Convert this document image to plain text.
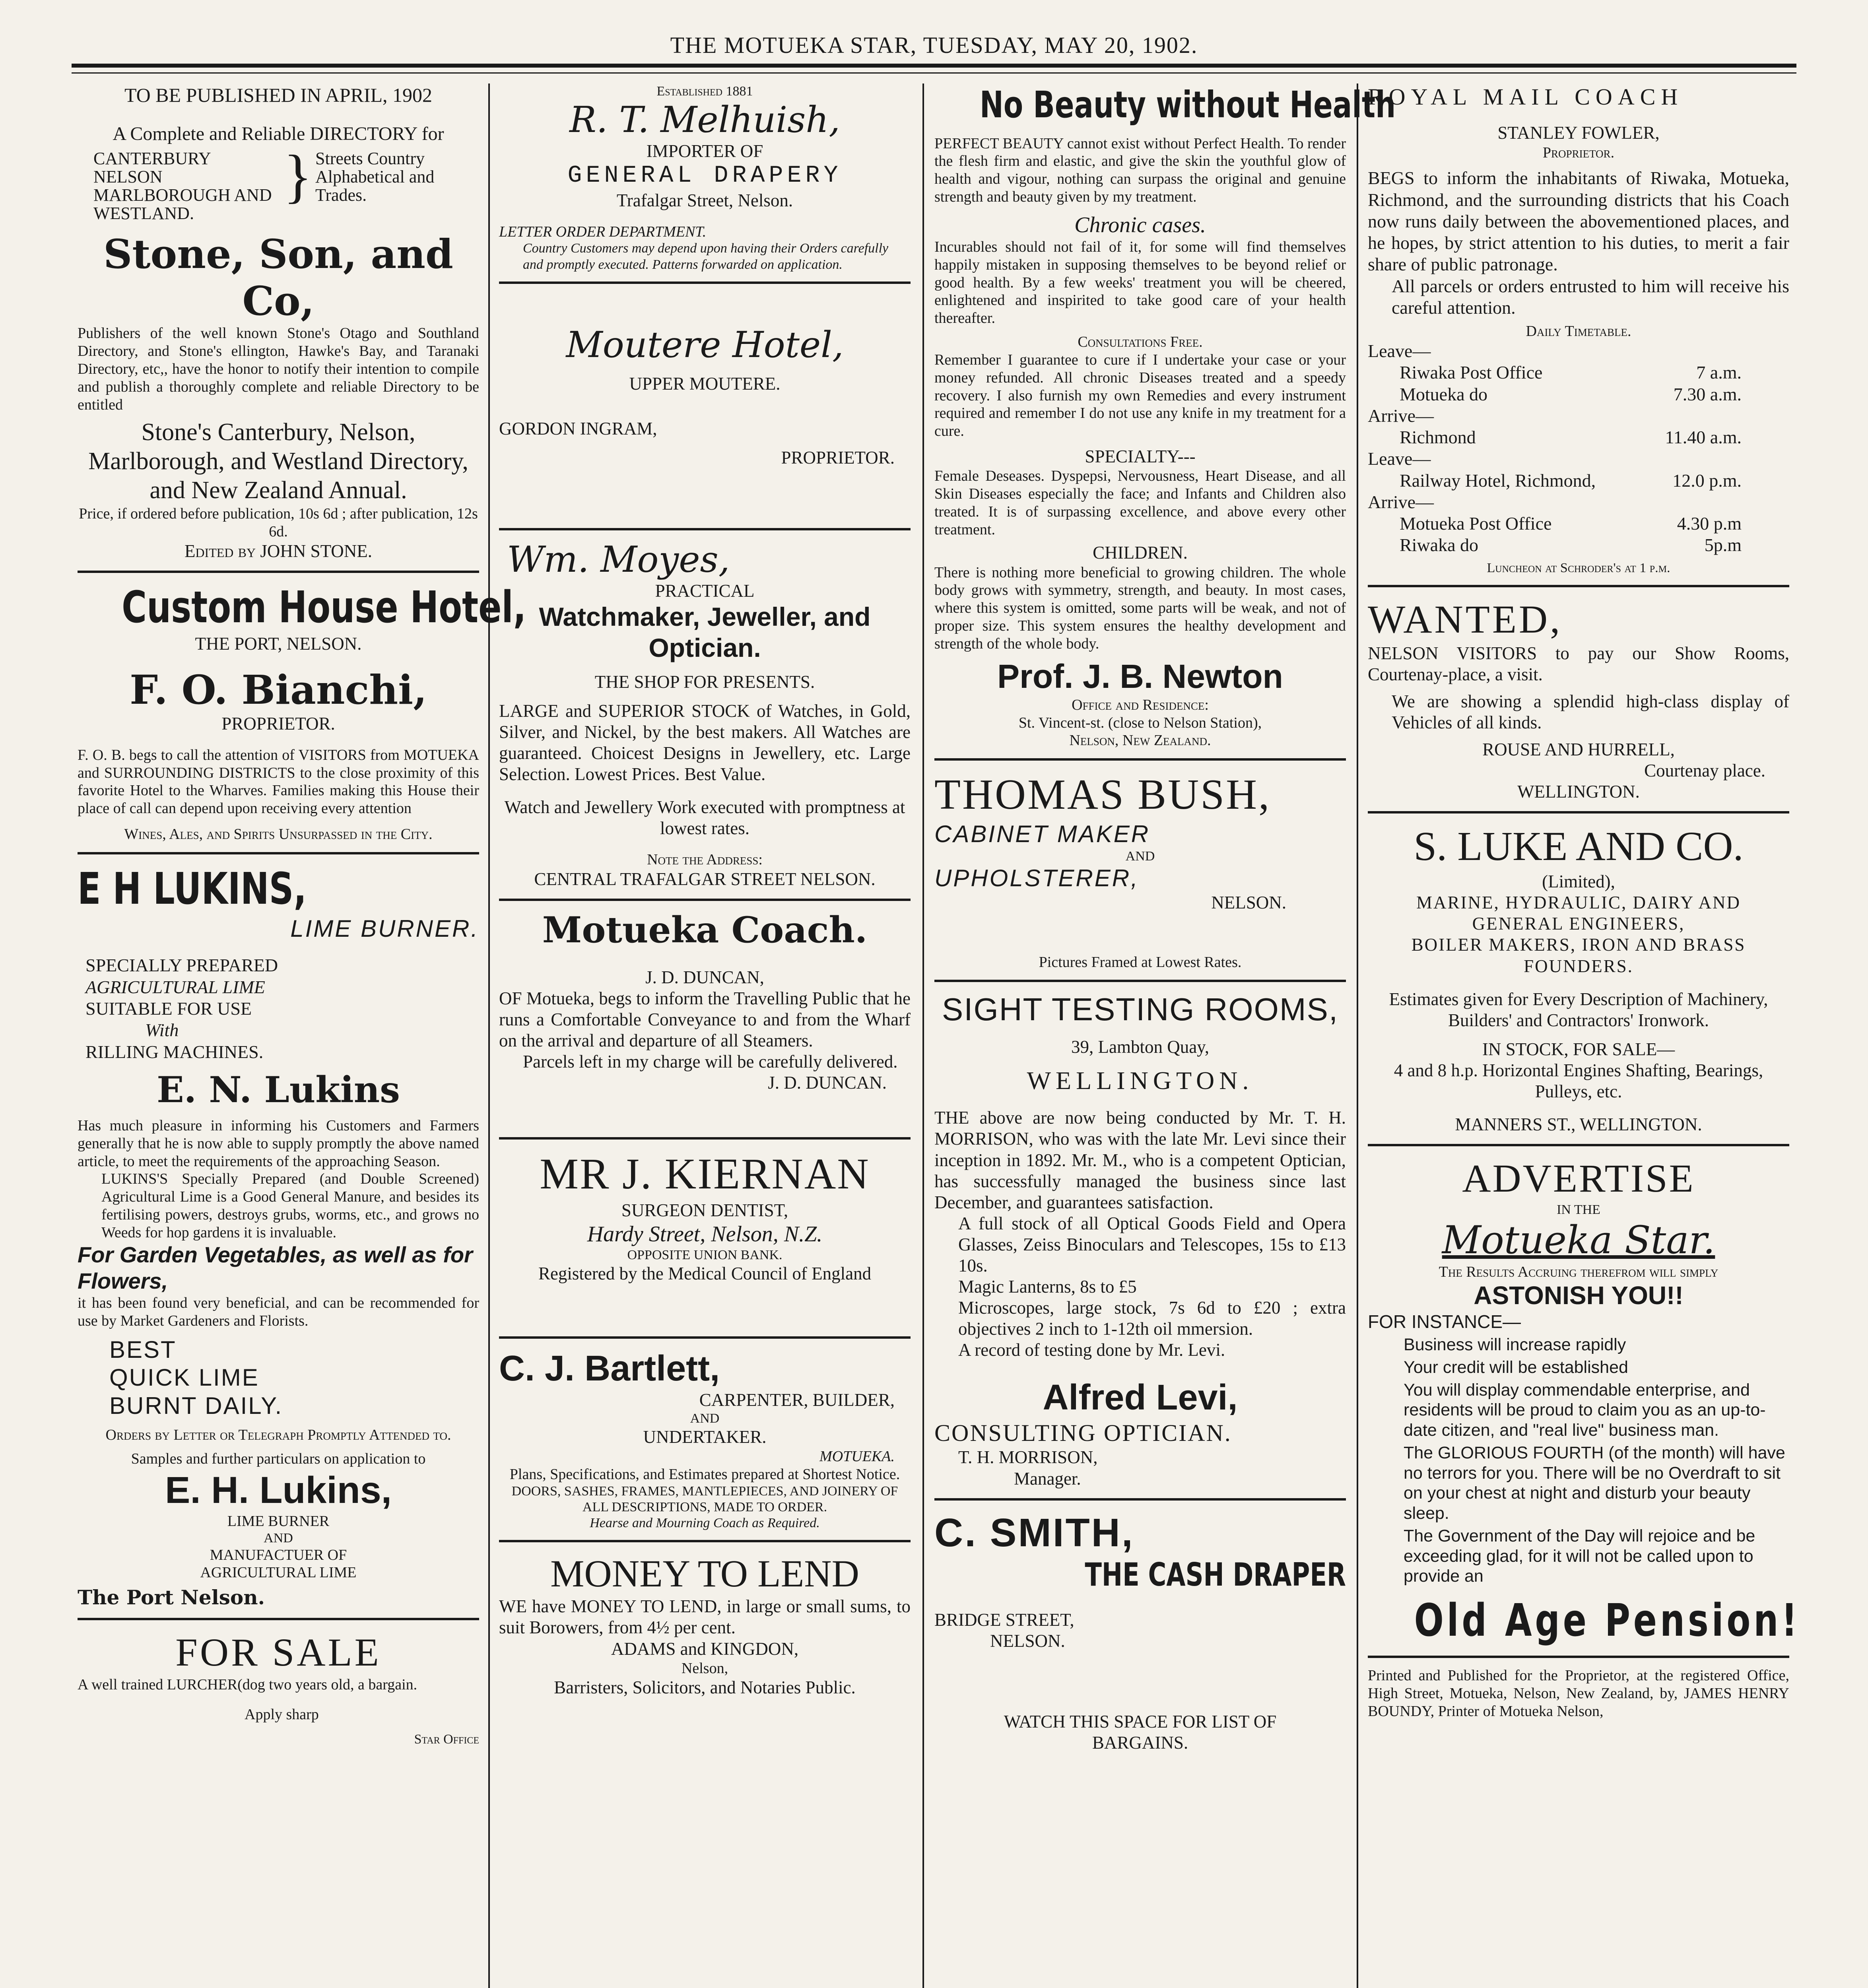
THE MOTUEKA STAR, TUESDAY, MAY 20, 1902.
TO BE PUBLISHED IN APRIL, 1902
A Complete and Reliable DIRECTORY for
CANTERBURY NELSON MARLBOROUGH AND WESTLAND.
} Streets Country Alphabetical and Trades.
Stone, Son, and Co,
Publishers of the well known Stone's Otago and Southland Directory, and Stone's ellington, Hawke's Bay, and Taranaki Directory, etc,, have the honor to notify their intention to compile and publish a thoroughly complete and reliable Directory to be entitled
Stone's Canterbury, Nelson, Marlborough, and Westland Directory, and New Zealand Annual.
Price, if ordered before publication, 10s 6d ; after publication, 12s 6d.
Edited by JOHN STONE.
Custom House Hotel,
THE PORT, NELSON.
F. O. Bianchi,
PROPRIETOR.
F. O. B. begs to call the attention of VISITORS from MOTUEKA and SURROUNDING DISTRICTS to the close proximity of this favorite Hotel to the Wharves. Families making this House their place of call can depend upon receiving every attention
Wines, Ales, and Spirits Unsurpassed in the City.
E H LUKINS,
LIME BURNER.
SPECIALLY PREPARED
AGRICULTURAL LIME
SUITABLE FOR USE
With
RILLING MACHINES.
E. N. Lukins
Has much pleasure in informing his Customers and Farmers generally that he is now able to supply promptly the above named article, to meet the requirements of the approaching Season.
LUKINS'S Specially Prepared (and Double Screened) Agricultural Lime is a Good General Manure, and besides its fertilising powers, destroys grubs, worms, etc., and grows no Weeds for hop gardens it is invaluable.
For Garden Vegetables, as well as for Flowers,
it has been found very beneficial, and can be recommended for use by Market Gardeners and Florists.
BEST
QUICK LIME
BURNT DAILY.
Orders by Letter or Telegraph Promptly Attended to.
Samples and further particulars on application to
E. H. Lukins,
LIME BURNER
AND
MANUFACTUER OF
AGRICULTURAL LIME
The Port Nelson.
FOR SALE
A well trained LURCHER(dog two years old, a bargain.
Apply sharp
Star Office
Established 1881
R. T. Melhuish,
IMPORTER OF
GENERAL DRAPERY
Trafalgar Street, Nelson.
LETTER ORDER DEPARTMENT.
Country Customers may depend upon having their Orders carefully and promptly executed. Patterns forwarded on application.
Moutere Hotel,
UPPER MOUTERE.
GORDON INGRAM,
PROPRIETOR.
Wm. Moyes,
PRACTICAL
Watchmaker, Jeweller, and Optician.
THE SHOP FOR PRESENTS.
LARGE and SUPERIOR STOCK of Watches, in Gold, Silver, and Nickel, by the best makers. All Watches are guaranteed. Choicest Designs in Jewellery, etc. Large Selection. Lowest Prices. Best Value.
Watch and Jewellery Work executed with promptness at lowest rates.
Note the Address:
CENTRAL TRAFALGAR STREET NELSON.
Motueka Coach.
J. D. DUNCAN,
OF Motueka, begs to inform the Travelling Public that he runs a Comfortable Conveyance to and from the Wharf on the arrival and departure of all Steamers.
Parcels left in my charge will be carefully delivered.
J. D. DUNCAN.
MR J. KIERNAN
SURGEON DENTIST,
Hardy Street, Nelson, N.Z.
OPPOSITE UNION BANK.
Registered by the Medical Council of England
C. J. Bartlett,
CARPENTER, BUILDER,
AND
UNDERTAKER.
MOTUEKA.
Plans, Specifications, and Estimates prepared at Shortest Notice.
DOORS, SASHES, FRAMES, MANTLEPIECES, AND JOINERY OF ALL DESCRIPTIONS, MADE TO ORDER.
Hearse and Mourning Coach as Required.
MONEY TO LEND
WE have MONEY TO LEND, in large or small sums, to suit Borowers, from 4½ per cent.
ADAMS and KINGDON,
Nelson,
Barristers, Solicitors, and Notaries Public.
No Beauty without Health
PERFECT BEAUTY cannot exist without Perfect Health. To render the flesh firm and elastic, and give the skin the youthful glow of health and vigour, nothing can surpass the original and genuine strength and beauty given by my treatment.
Chronic cases.
Incurables should not fail of it, for some will find themselves happily mistaken in supposing themselves to be beyond relief or good health. By a few weeks' treatment you will be cheered, enlightened and inspirited to take good care of your health thereafter.
Consultations Free.
Remember I guarantee to cure if I undertake your case or your money refunded. All chronic Diseases treated and a speedy recovery. I also furnish my own Remedies and every instrument required and remember I do not use any knife in my treatment for a cure.
SPECIALTY---
Female Deseases. Dyspepsi, Nervousness, Heart Disease, and all Skin Diseases especially the face; and Infants and Children also treated. It is of surpassing excellence, and above every other treatment.
CHILDREN.
There is nothing more beneficial to growing children. The whole body grows with symmetry, strength, and beauty. In most cases, where this system is omitted, some parts will be weak, and not of proper size. This system ensures the healthy development and strength of the whole body.
Prof. J. B. Newton
Office and Residence:
St. Vincent-st. (close to Nelson Station),
Nelson, New Zealand.
THOMAS BUSH,
CABINET MAKER
AND
UPHOLSTERER,
NELSON.
Pictures Framed at Lowest Rates.
SIGHT TESTING ROOMS,
39, Lambton Quay,
WELLINGTON.
THE above are now being conducted by Mr. T. H. MORRISON, who was with the late Mr. Levi since their inception in 1892. Mr. M., who is a competent Optician, has successfully managed the business since last December, and guarantees satisfaction.
A full stock of all Optical Goods Field and Opera Glasses, Zeiss Binoculars and Telescopes, 15s to £13 10s.
Magic Lanterns, 8s to £5
Microscopes, large stock, 7s 6d to £20 ; extra objectives 2 inch to 1-12th oil mmersion.
A record of testing done by Mr. Levi.
Alfred Levi,
CONSULTING OPTICIAN.
T. H. MORRISON,
Manager.
C. SMITH,
THE CASH DRAPER
BRIDGE STREET,
NELSON.
WATCH THIS SPACE FOR LIST OF BARGAINS.
ROYAL MAIL COACH
STANLEY FOWLER,
Proprietor.
BEGS to inform the inhabitants of Riwaka, Motueka, Richmond, and the surrounding districts that his Coach now runs daily between the abovementioned places, and he hopes, by strict attention to his duties, to merit a fair share of public patronage.
All parcels or orders entrusted to him will receive his careful attention.
Daily Timetable.
Leave—
Riwaka Post Office	7 a.m.
Motueka do	7.30 a.m.
Arrive—
Richmond	11.40 a.m.
Leave—
Railway Hotel, Richmond,	12.0 p.m.
Arrive—
Motueka Post Office	4.30 p.m
Riwaka do	5p.m
Luncheon at Schroder's at 1 p.m.
WANTED,
NELSON VISITORS to pay our Show Rooms, Courtenay-place, a visit.
We are showing a splendid high-class display of Vehicles of all kinds.
ROUSE AND HURRELL,
Courtenay place.
WELLINGTON.
S. LUKE AND CO.
(Limited),
MARINE, HYDRAULIC, DAIRY AND GENERAL ENGINEERS,
BOILER MAKERS, IRON AND BRASS FOUNDERS.
Estimates given for Every Description of Machinery, Builders' and Contractors' Ironwork.
IN STOCK, FOR SALE—
4 and 8 h.p. Horizontal Engines Shafting, Bearings, Pulleys, etc.
MANNERS ST., WELLINGTON.
ADVERTISE
IN THE
Motueka Star.
The Results Accruing therefrom will simply
ASTONISH YOU!!
FOR INSTANCE—

Business will increase rapidly

Your credit will be established

You will display commendable enterprise, and residents will be proud to claim you as an up-to-date citizen, and "real live" business man.

The GLORIOUS FOURTH (of the month) will have no terrors for you. There will be no Overdraft to sit on your chest at night and disturb your beauty sleep.

The Government of the Day will rejoice and be exceeding glad, for it will not be called upon to provide an

Old Age Pension!
Printed and Published for the Proprietor, at the registered Office, High Street, Motueka, Nelson, New Zealand, by, JAMES HENRY BOUNDY, Printer of Motueka Nelson,
